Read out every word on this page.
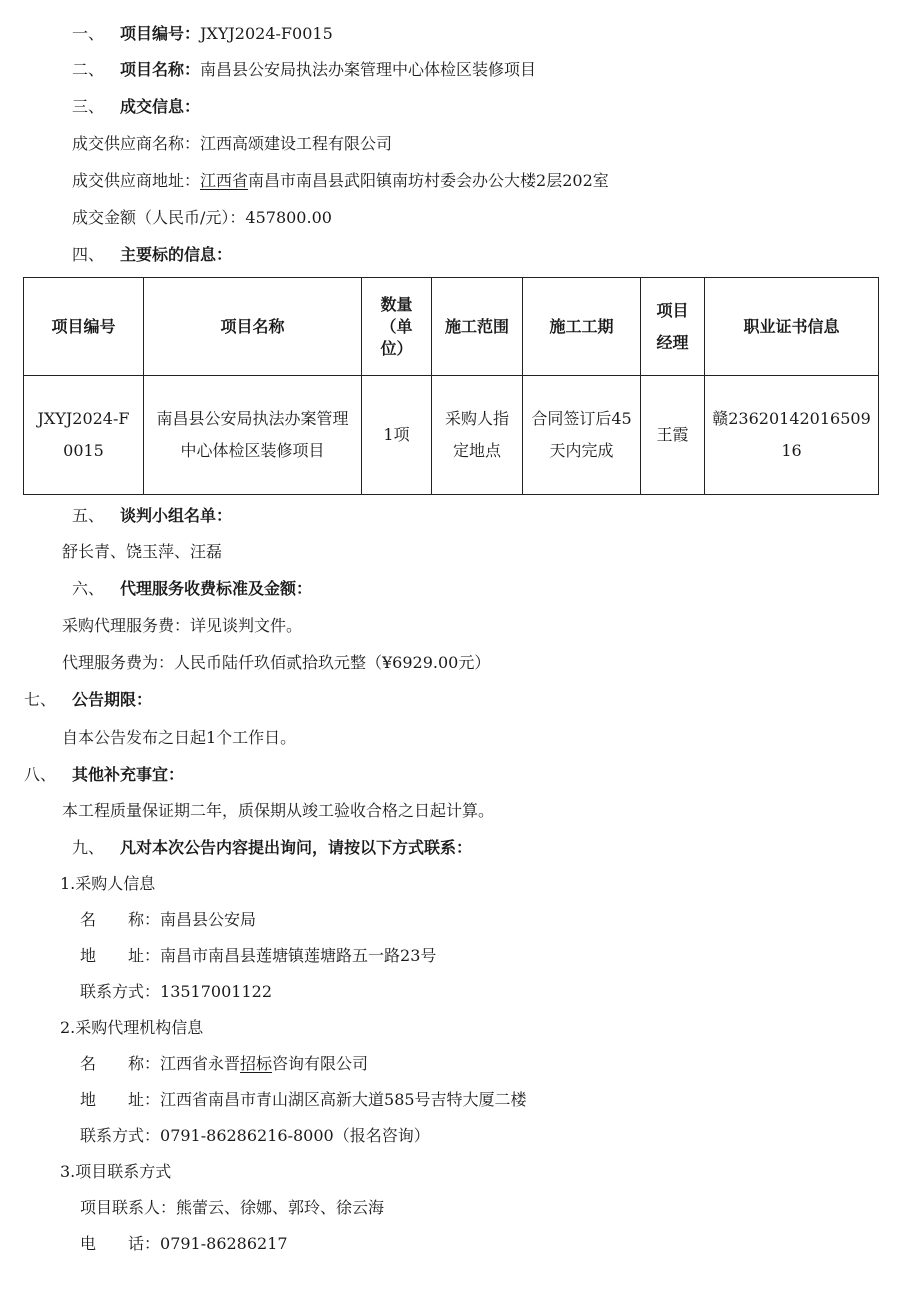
一、 项目编号：JXYJ2024-F0015
二、 项目名称：南昌县公安局执法办案管理中心体检区装修项目
三、 成交信息：
成交供应商名称：江西高颂建设工程有限公司
成交供应商地址：江西省南昌市南昌县武阳镇南坊村委会办公大楼2层202室
成交金额（人民币/元）：457800.00
四、 主要标的信息：
项目编号	项目名称	数量（单位）	施工范围	施工工期	项目经理	职业证书信息
JXYJ2024-F0015	南昌县公安局执法办案管理中心体检区装修项目	1项	采购人指定地点	合同签订后45天内完成	王霞	赣2362014201650916
五、 谈判小组名单：
舒长青、饶玉萍、汪磊
六、 代理服务收费标准及金额：
采购代理服务费：详见谈判文件。
代理服务费为：人民币陆仟玖佰贰拾玖元整（¥6929.00元）
七、 公告期限：
自本公告发布之日起1个工作日。
八、 其他补充事宜：
本工程质量保证期二年，质保期从竣工验收合格之日起计算。
九、 凡对本次公告内容提出询问，请按以下方式联系：
1.采购人信息
名　　称：南昌县公安局
地　　址：南昌市南昌县莲塘镇莲塘路五一路23号
联系方式：13517001122
2.采购代理机构信息
名　　称：江西省永晋招标咨询有限公司
地　　址：江西省南昌市青山湖区高新大道585号吉特大厦二楼
联系方式：0791-86286216-8000（报名咨询）
3.项目联系方式
项目联系人：熊蕾云、徐娜、郭玲、徐云海
电　　话：0791-86286217
